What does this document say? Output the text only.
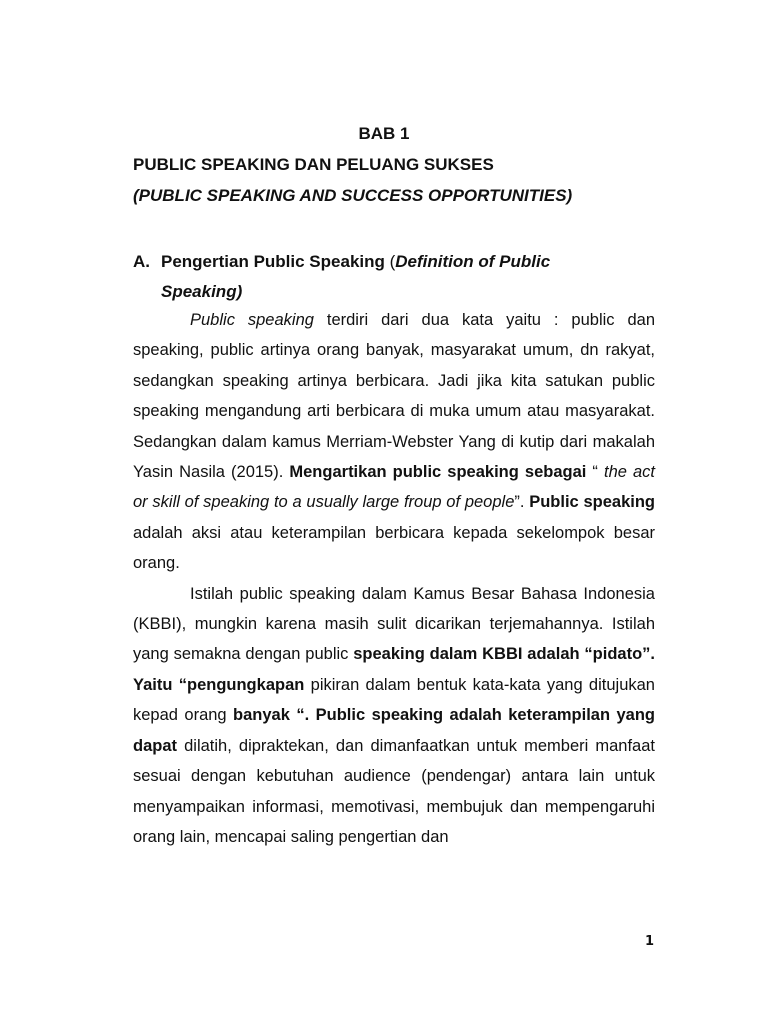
BAB 1
PUBLIC SPEAKING DAN PELUANG SUKSES
(PUBLIC SPEAKING AND SUCCESS OPPORTUNITIES)
A. Pengertian Public Speaking (Definition of Public Speaking)

Public speaking terdiri dari dua kata yaitu : public dan speaking, public artinya orang banyak, masyarakat umum, dn rakyat, sedangkan speaking artinya berbicara. Jadi jika kita satukan public speaking mengandung arti berbicara di muka umum atau masyarakat. Sedangkan dalam kamus Merriam-Webster Yang di kutip dari makalah Yasin Nasila (2015). Mengartikan public speaking sebagai “ the act or skill of speaking to a usually large froup of people”. Public speaking adalah aksi atau keterampilan berbicara kepada sekelompok besar orang.

Istilah public speaking dalam Kamus Besar Bahasa Indonesia (KBBI), mungkin karena masih sulit dicarikan terjemahannya. Istilah yang semakna dengan public speaking dalam KBBI adalah “pidato”. Yaitu “pengungkapan pikiran dalam bentuk kata-kata yang ditujukan kepad orang banyak “. Public speaking adalah keterampilan yang dapat dilatih, dipraktekan, dan dimanfaatkan untuk memberi manfaat sesuai dengan kebutuhan audience (pendengar) antara lain untuk menyampaikan informasi, memotivasi, membujuk dan mempengaruhi orang lain, mencapai saling pengertian dan

1
